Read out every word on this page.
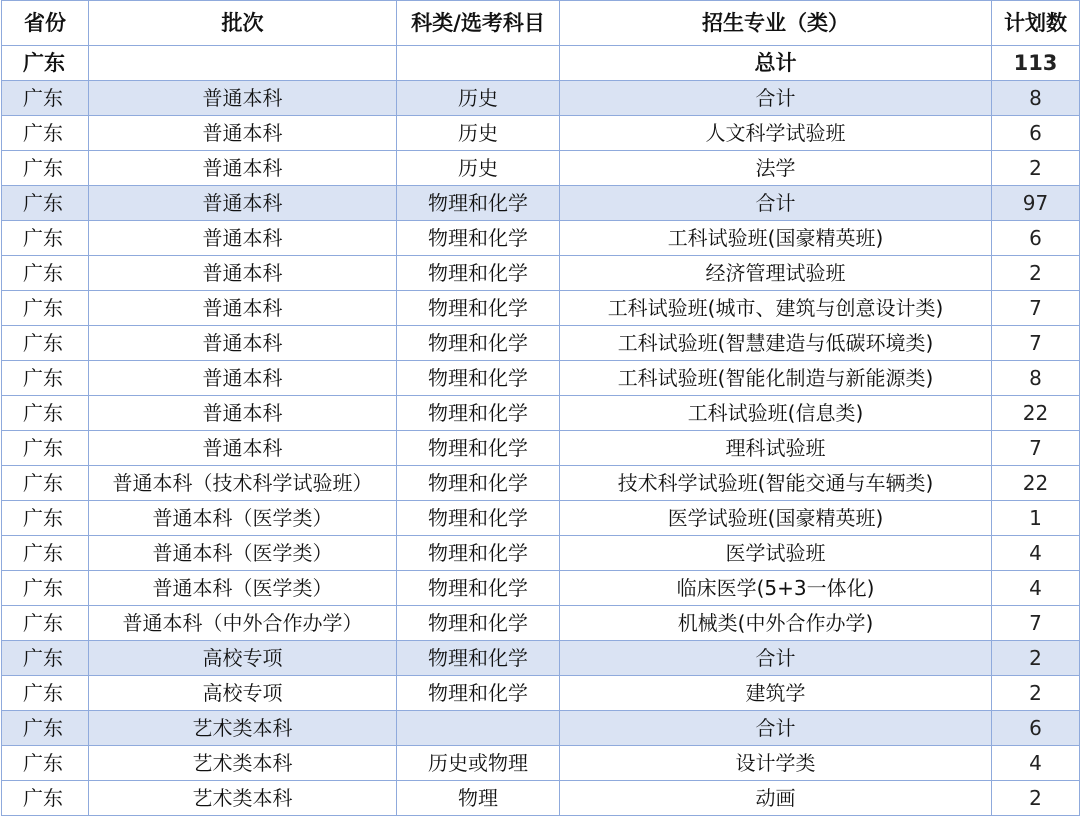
省份	批次	科类/选考科目	招生专业（类）	计划数
广东			总计	113
广东	普通本科	历史	合计	8
广东	普通本科	历史	人文科学试验班	6
广东	普通本科	历史	法学	2
广东	普通本科	物理和化学	合计	97
广东	普通本科	物理和化学	工科试验班(国豪精英班)	6
广东	普通本科	物理和化学	经济管理试验班	2
广东	普通本科	物理和化学	工科试验班(城市、建筑与创意设计类)	7
广东	普通本科	物理和化学	工科试验班(智慧建造与低碳环境类)	7
广东	普通本科	物理和化学	工科试验班(智能化制造与新能源类)	8
广东	普通本科	物理和化学	工科试验班(信息类)	22
广东	普通本科	物理和化学	理科试验班	7
广东	普通本科（技术科学试验班）	物理和化学	技术科学试验班(智能交通与车辆类)	22
广东	普通本科（医学类）	物理和化学	医学试验班(国豪精英班)	1
广东	普通本科（医学类）	物理和化学	医学试验班	4
广东	普通本科（医学类）	物理和化学	临床医学(5+3一体化)	4
广东	普通本科（中外合作办学）	物理和化学	机械类(中外合作办学)	7
广东	高校专项	物理和化学	合计	2
广东	高校专项	物理和化学	建筑学	2
广东	艺术类本科		合计	6
广东	艺术类本科	历史或物理	设计学类	4
广东	艺术类本科	物理	动画	2
